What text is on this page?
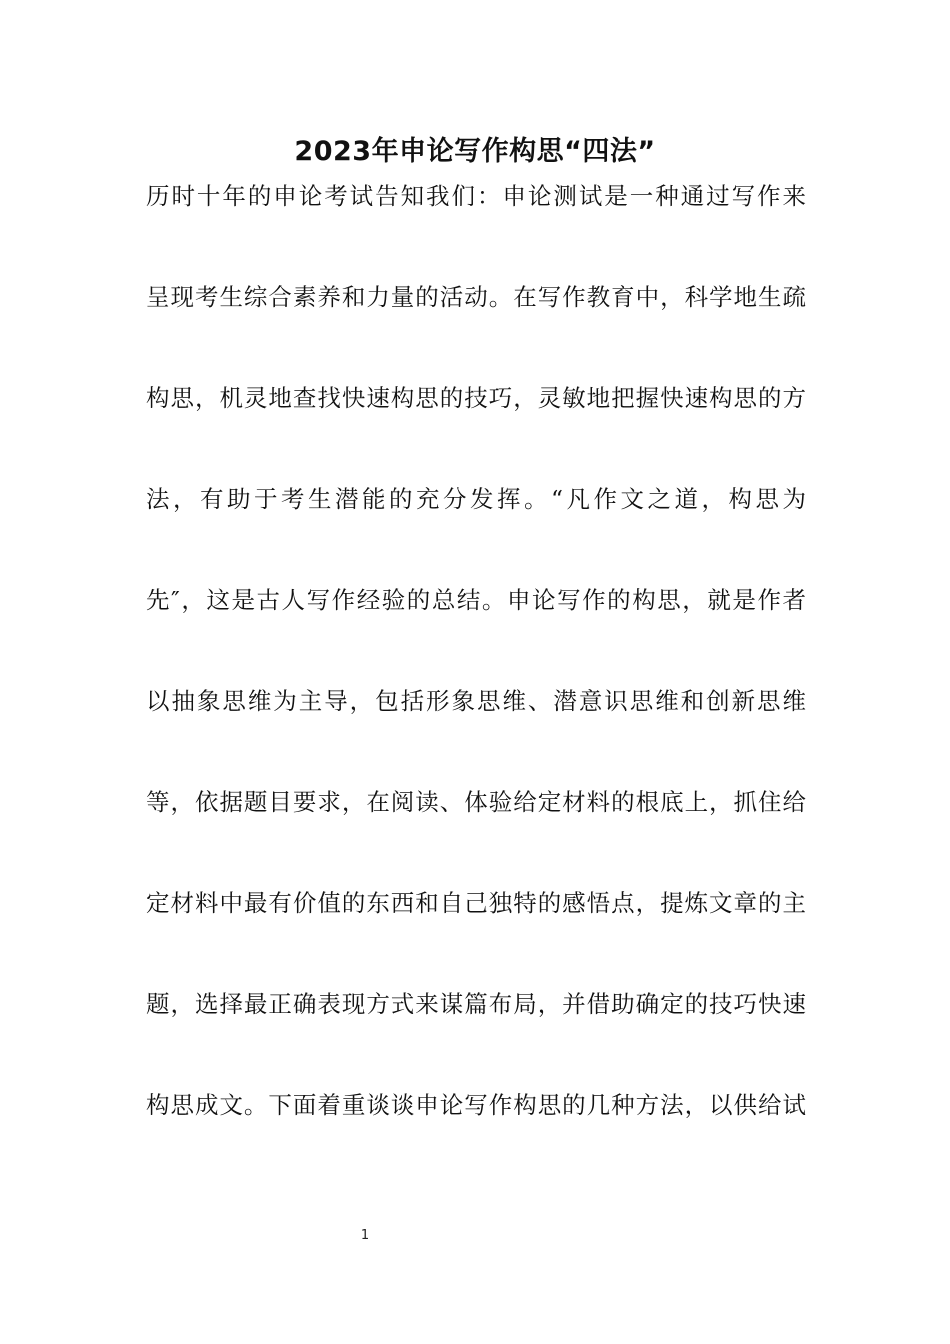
2023年申论写作构思“四法”
历时十年的申论考试告知我们：申论测试是一种通过写作来
呈现考生综合素养和力量的活动。在写作教育中，科学地生疏
构思，机灵地查找快速构思的技巧，灵敏地把握快速构思的方
法，有助于考生潜能的充分发挥。“凡作文之道，构思为
先″，这是古人写作经验的总结。申论写作的构思，就是作者
以抽象思维为主导，包括形象思维、潜意识思维和创新思维
等，依据题目要求，在阅读、体验给定材料的根底上，抓住给
定材料中最有价值的东西和自己独特的感悟点，提炼文章的主
题，选择最正确表现方式来谋篇布局，并借助确定的技巧快速
构思成文。下面着重谈谈申论写作构思的几种方法，以供给试
1
